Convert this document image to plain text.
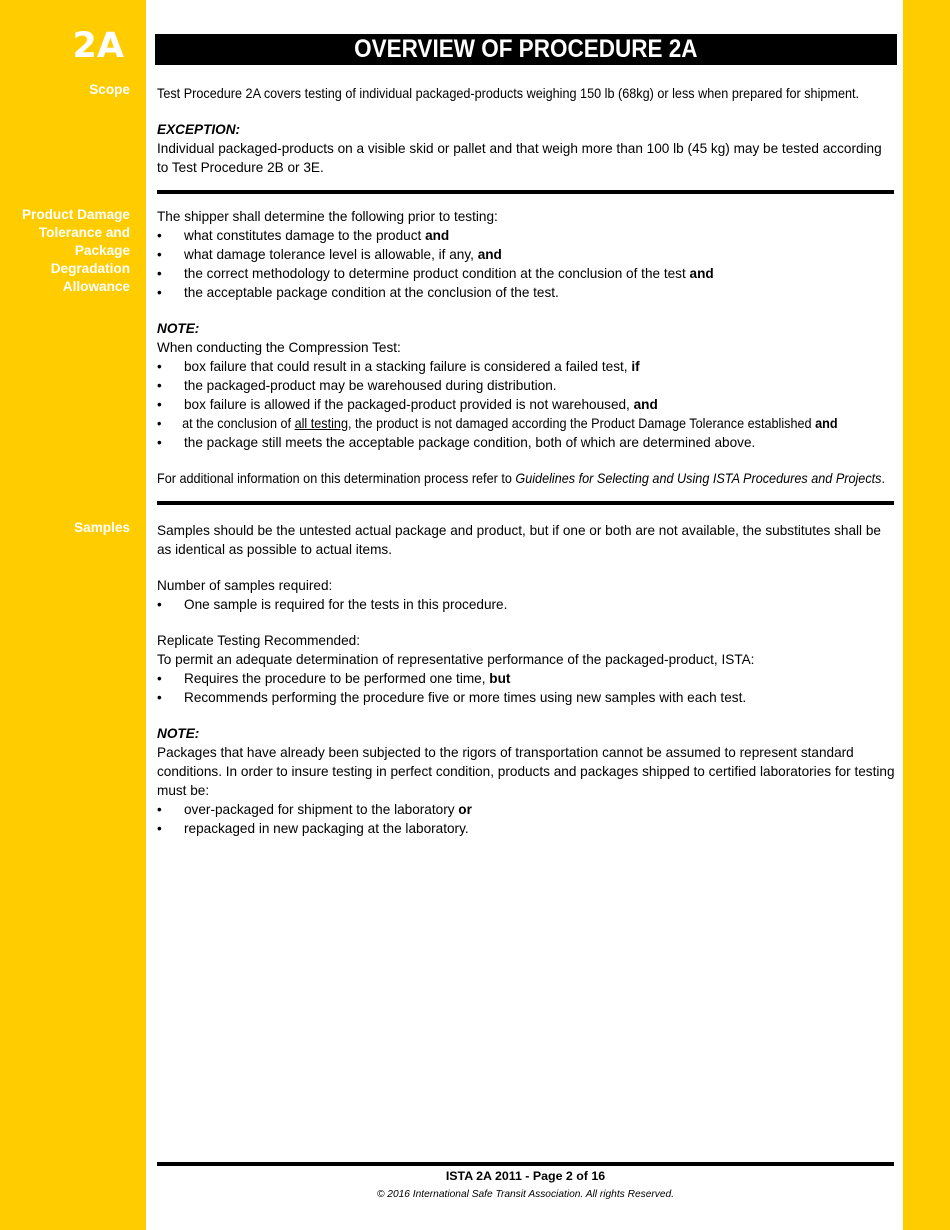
2A	OVERVIEW OF PROCEDURE 2A
Scope
Product Damage
Tolerance and
Package
Degradation
Allowance
Samples

Test Procedure 2A covers testing of individual packaged-products weighing 150 lb (68kg) or less when prepared for shipment.

EXCEPTION:

Individual packaged-products on a visible skid or pallet and that weigh more than 100 lb (45 kg) may be tested according to Test Procedure 2B or 3E.

The shipper shall determine the following prior to testing:

• what constitutes damage to the product and
• what damage tolerance level is allowable, if any, and
• the correct methodology to determine product condition at the conclusion of the test and
• the acceptable package condition at the conclusion of the test.

NOTE:

When conducting the Compression Test:

• box failure that could result in a stacking failure is considered a failed test, if
• the packaged-product may be warehoused during distribution.
• box failure is allowed if the packaged-product provided is not warehoused, and
• at the conclusion of all testing, the product is not damaged according the Product Damage Tolerance established and
• the package still meets the acceptable package condition, both of which are determined above.

For additional information on this determination process refer to Guidelines for Selecting and Using ISTA Procedures and Projects.

Samples should be the untested actual package and product, but if one or both are not available, the substitutes shall be as identical as possible to actual items.

Number of samples required:

• One sample is required for the tests in this procedure.

Replicate Testing Recommended:

To permit an adequate determination of representative performance of the packaged-product, ISTA:

• Requires the procedure to be performed one time, but
• Recommends performing the procedure five or more times using new samples with each test.

NOTE:

Packages that have already been subjected to the rigors of transportation cannot be assumed to represent standard conditions. In order to insure testing in perfect condition, products and packages shipped to certified laboratories for testing must be:

• over-packaged for shipment to the laboratory or
• repackaged in new packaging at the laboratory.
ISTA 2A 2011 - Page 2 of 16
© 2016 International Safe Transit Association. All rights Reserved.
